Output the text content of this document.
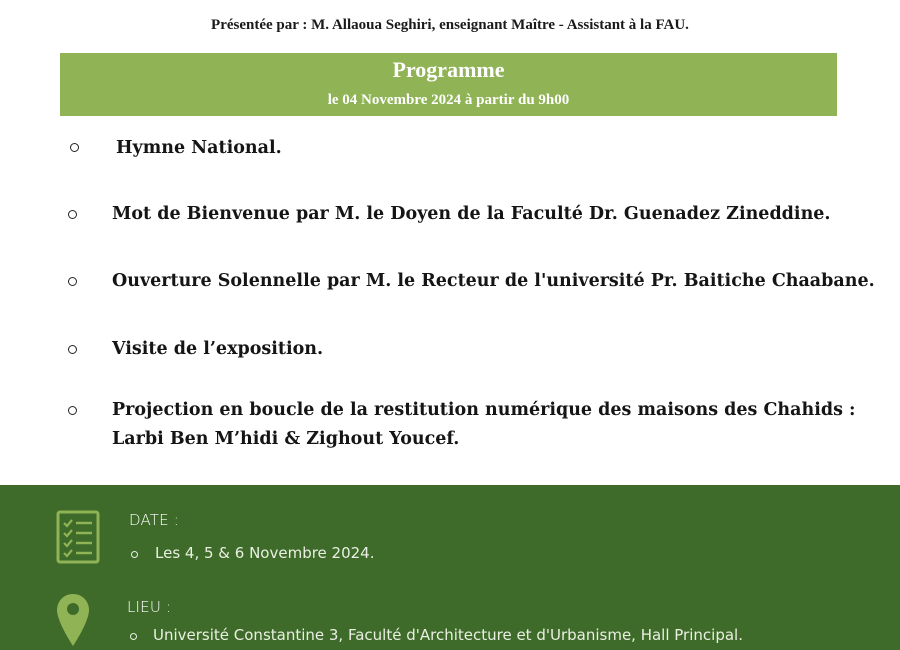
Présentée par : M. Allaoua Seghiri, enseignant Maître - Assistant à la FAU.
Programme
le 04 Novembre 2024 à partir du 9h00
Hymne National.
Mot de Bienvenue par M. le Doyen de la Faculté Dr. Guenadez Zineddine.
Ouverture Solennelle par M. le Recteur de l'université Pr. Baitiche Chaabane.
Visite de l’exposition.
Projection en boucle de la restitution numérique des maisons des Chahids :
Larbi Ben M’hidi & Zighout Youcef.
DATE :
Les 4, 5 & 6 Novembre 2024.
LIEU :
Université Constantine 3, Faculté d'Architecture et d'Urbanisme, Hall Principal.
